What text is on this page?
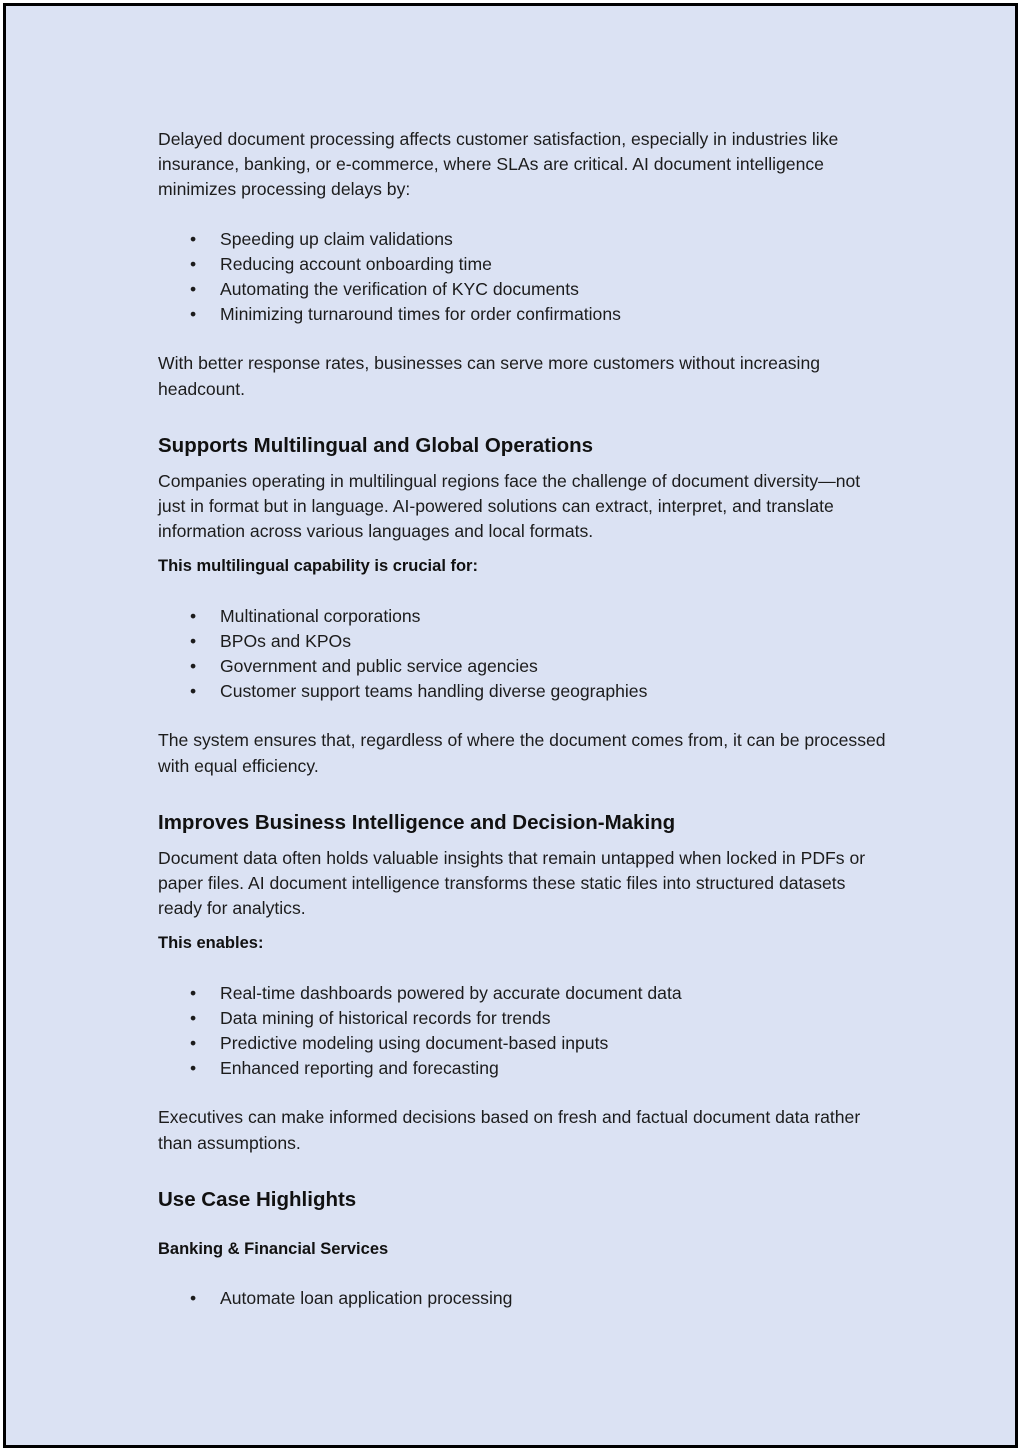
Delayed document processing affects customer satisfaction, especially in industries like insurance, banking, or e-commerce, where SLAs are critical. AI document intelligence minimizes processing delays by:

• Speeding up claim validations
• Reducing account onboarding time
• Automating the verification of KYC documents
• Minimizing turnaround times for order confirmations

With better response rates, businesses can serve more customers without increasing headcount.

Supports Multilingual and Global Operations

Companies operating in multilingual regions face the challenge of document diversity—not just in format but in language. AI-powered solutions can extract, interpret, and translate information across various languages and local formats.

This multilingual capability is crucial for:

• Multinational corporations
• BPOs and KPOs
• Government and public service agencies
• Customer support teams handling diverse geographies

The system ensures that, regardless of where the document comes from, it can be processed with equal efficiency.

Improves Business Intelligence and Decision-Making

Document data often holds valuable insights that remain untapped when locked in PDFs or paper files. AI document intelligence transforms these static files into structured datasets ready for analytics.

This enables:

• Real-time dashboards powered by accurate document data
• Data mining of historical records for trends
• Predictive modeling using document-based inputs
• Enhanced reporting and forecasting

Executives can make informed decisions based on fresh and factual document data rather than assumptions.

Use Case Highlights

Banking & Financial Services

• Automate loan application processing
